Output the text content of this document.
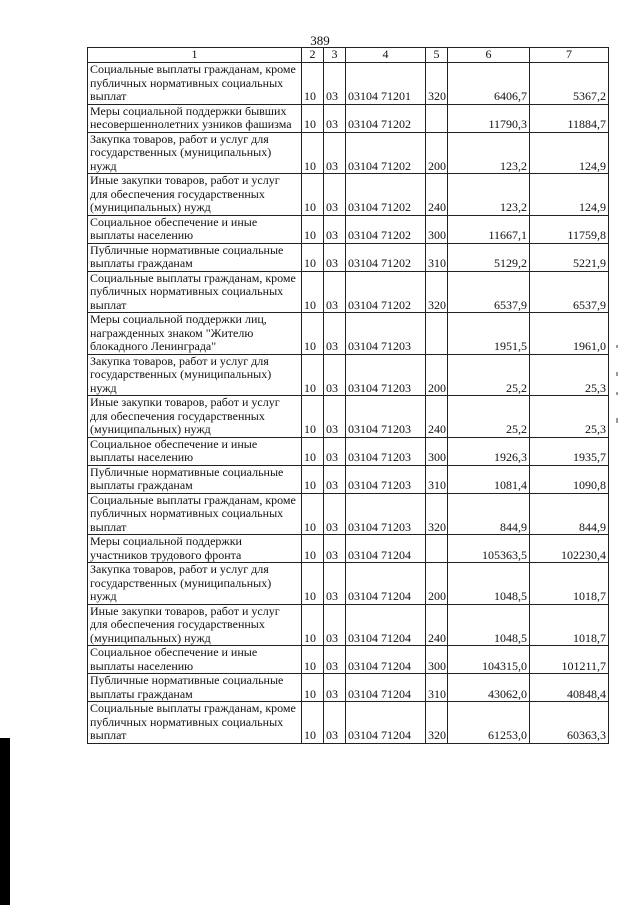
389
1	2	3	4	5	6	7
Социальные выплаты гражданам, кроме публичных нормативных социальных выплат	10	03	03104 71201	320	6406,7	5367,2
Меры социальной поддержки бывших несовершеннолетних узников фашизма	10	03	03104 71202		11790,3	11884,7
Закупка товаров, работ и услуг для государственных (муниципальных) нужд	10	03	03104 71202	200	123,2	124,9
Иные закупки товаров, работ и услуг для обеспечения государственных (муниципальных) нужд	10	03	03104 71202	240	123,2	124,9
Социальное обеспечение и иные выплаты населению	10	03	03104 71202	300	11667,1	11759,8
Публичные нормативные социальные выплаты гражданам	10	03	03104 71202	310	5129,2	5221,9
Социальные выплаты гражданам, кроме публичных нормативных социальных выплат	10	03	03104 71202	320	6537,9	6537,9
Меры социальной поддержки лиц, награжденных знаком "Жителю блокадного Ленинграда"	10	03	03104 71203		1951,5	1961,0
Закупка товаров, работ и услуг для государственных (муниципальных) нужд	10	03	03104 71203	200	25,2	25,3
Иные закупки товаров, работ и услуг для обеспечения государственных (муниципальных) нужд	10	03	03104 71203	240	25,2	25,3
Социальное обеспечение и иные выплаты населению	10	03	03104 71203	300	1926,3	1935,7
Публичные нормативные социальные выплаты гражданам	10	03	03104 71203	310	1081,4	1090,8
Социальные выплаты гражданам, кроме публичных нормативных социальных выплат	10	03	03104 71203	320	844,9	844,9
Меры социальной поддержки участников трудового фронта	10	03	03104 71204		105363,5	102230,4
Закупка товаров, работ и услуг для государственных (муниципальных) нужд	10	03	03104 71204	200	1048,5	1018,7
Иные закупки товаров, работ и услуг для обеспечения государственных (муниципальных) нужд	10	03	03104 71204	240	1048,5	1018,7
Социальное обеспечение и иные выплаты населению	10	03	03104 71204	300	104315,0	101211,7
Публичные нормативные социальные выплаты гражданам	10	03	03104 71204	310	43062,0	40848,4
Социальные выплаты гражданам, кроме публичных нормативных социальных выплат	10	03	03104 71204	320	61253,0	60363,3
